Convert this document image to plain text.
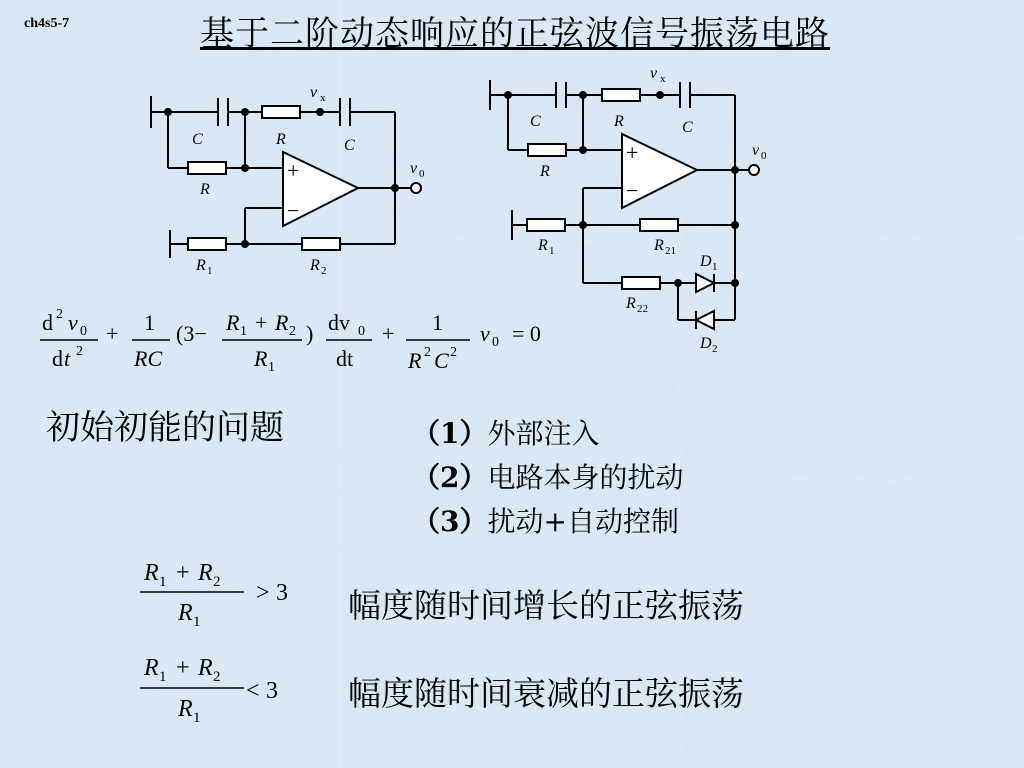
ch4s5-7	基于二阶动态响应的正弦波信号振荡电路
v x
C	R	C
R
v 0
R 1	R 2
+
−
v x
C	R	C
R
v 0
R 1	R 21
R 22
D 1
D 2
+
−
d 2 v 0
d t 2
+ 1
RC
(3− R 1 + R 2
R 1
) dv 0
dt
+ 1
R 2 C 2
v 0 = 0
初始初能的问题	（1）外部注入
（2）电路本身的扰动
（3）扰动+自动控制
R 1 + R 2
R 1
> 3
R 1 + R 2
R 1
< 3
幅度随时间增长的正弦振荡
幅度随时间衰减的正弦振荡
